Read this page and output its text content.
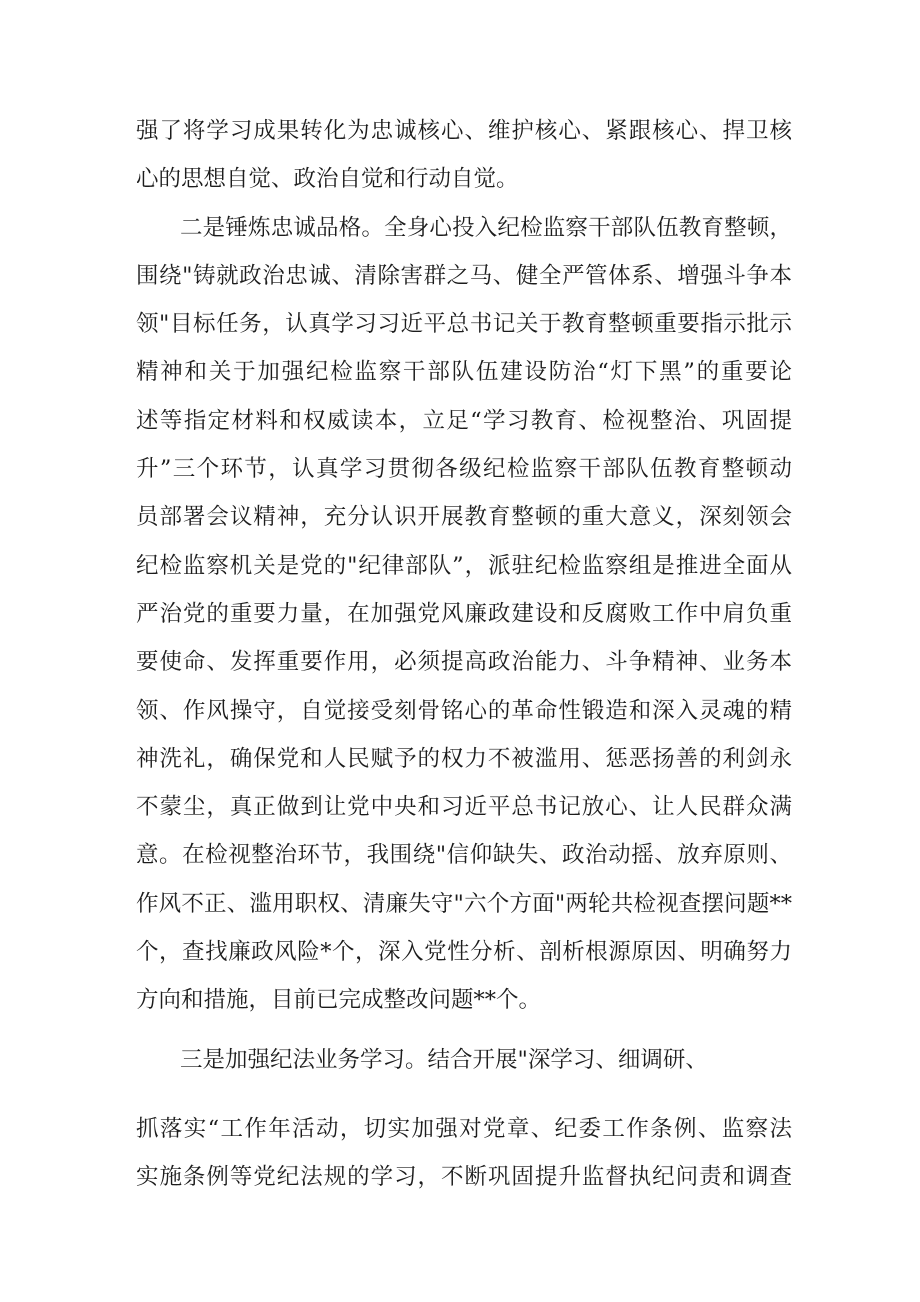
强了将学习成果转化为忠诚核心、维护核心、紧跟核心、捍卫核
心的思想自觉、政治自觉和行动自觉。
二是锤炼忠诚品格。全身心投入纪检监察干部队伍教育整顿，
围绕"铸就政治忠诚、清除害群之马、健全严管体系、增强斗争本
领"目标任务，认真学习习近平总书记关于教育整顿重要指示批示
精神和关于加强纪检监察干部队伍建设防治“灯下黑”的重要论
述等指定材料和权威读本，立足“学习教育、检视整治、巩固提
升”三个环节，认真学习贯彻各级纪检监察干部队伍教育整顿动
员部署会议精神，充分认识开展教育整顿的重大意义，深刻领会
纪检监察机关是党的"纪律部队”，派驻纪检监察组是推进全面从
严治党的重要力量，在加强党风廉政建设和反腐败工作中肩负重
要使命、发挥重要作用，必须提高政治能力、斗争精神、业务本
领、作风操守，自觉接受刻骨铭心的革命性锻造和深入灵魂的精
神洗礼，确保党和人民赋予的权力不被滥用、惩恶扬善的利剑永
不蒙尘，真正做到让党中央和习近平总书记放心、让人民群众满
意。在检视整治环节，我围绕"信仰缺失、政治动摇、放弃原则、
作风不正、滥用职权、清廉失守"六个方面"两轮共检视查摆问题**
个，查找廉政风险*个，深入党性分析、剖析根源原因、明确努力
方向和措施，目前已完成整改问题**个。
三是加强纪法业务学习。结合开展"深学习、细调研、
抓落实“工作年活动，切实加强对党章、纪委工作条例、监察法
实施条例等党纪法规的学习，不断巩固提升监督执纪问责和调查
